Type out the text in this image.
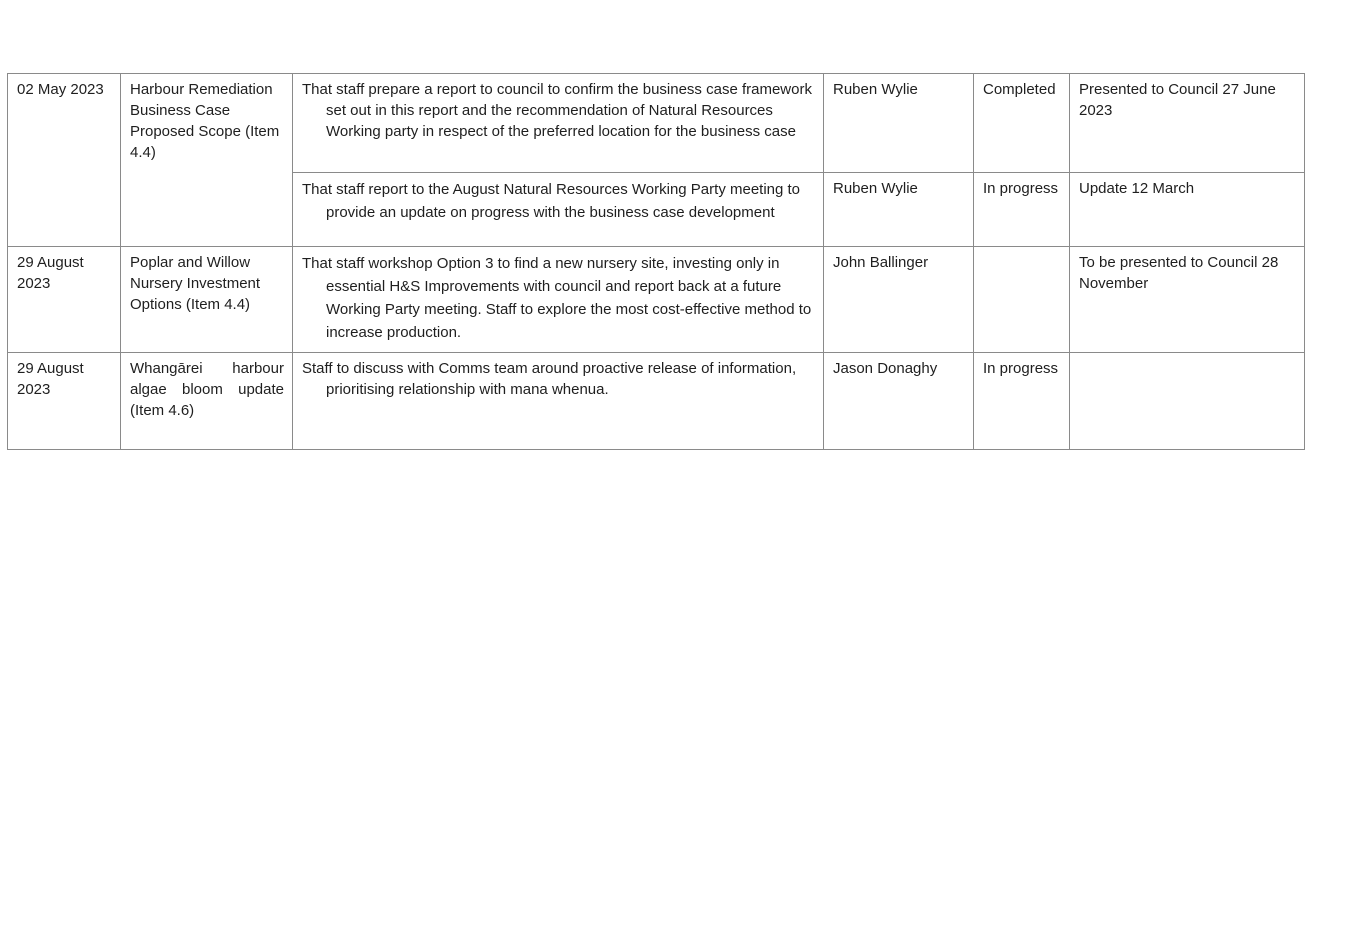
02 May 2023	Harbour Remediation Business Case Proposed Scope (Item 4.4)	That staff prepare a report to council to confirm the business case framework set out in this report and the recommendation of Natural Resources Working party in respect of the preferred location for the business case	Ruben Wylie	Completed	Presented to Council 27 June 2023

		That staff report to the August Natural Resources Working Party meeting to provide an update on progress with the business case development	Ruben Wylie	In progress	Update 12 March
29 August 2023	Poplar and Willow Nursery Investment Options (Item 4.4)	That staff workshop Option 3 to find a new nursery site, investing only in essential H&S Improvements with council and report back at a future Working Party meeting. Staff to explore the most cost-effective method to increase production.	John Ballinger		To be presented to Council 28 November
29 August 2023	Whangārei harbour algae bloom update (Item 4.6)	Staff to discuss with Comms team around proactive release of information, prioritising relationship with mana whenua.	Jason Donaghy	In progress	
